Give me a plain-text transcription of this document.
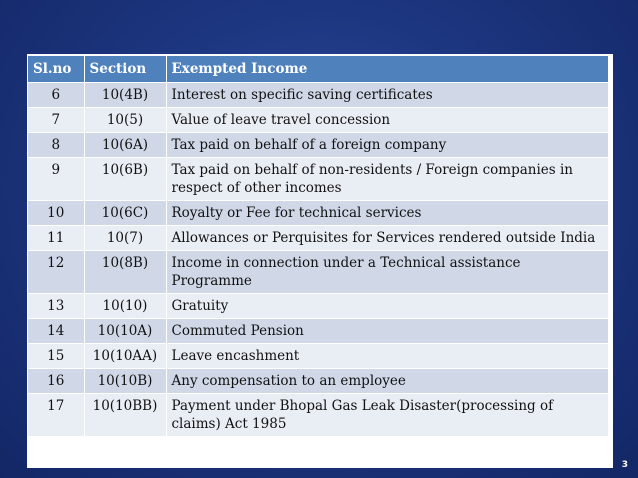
Sl.no	Section	Exempted Income
6	10(4B)	Interest on specific saving certificates
7	10(5)	Value of leave travel concession
8	10(6A)	Tax paid on behalf of a foreign company
9	10(6B)	Tax paid on behalf of non-residents / Foreign companies in respect of other incomes
10	10(6C)	Royalty or Fee for technical services
11	10(7)	Allowances or Perquisites for Services rendered outside India
12	10(8B)	Income in connection under a Technical assistance Programme
13	10(10)	Gratuity
14	10(10A)	Commuted Pension
15	10(10AA)	Leave encashment
16	10(10B)	Any compensation to an employee
17	10(10BB)	Payment under Bhopal Gas Leak Disaster(processing of claims) Act 1985
3
